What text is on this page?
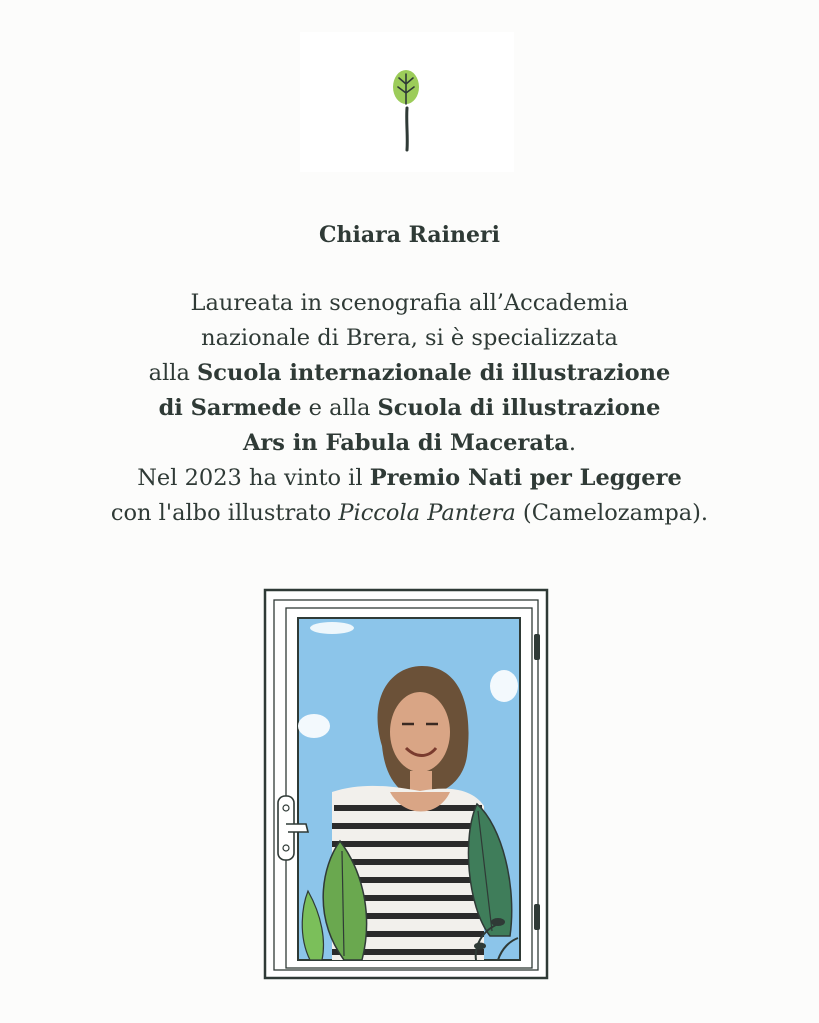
Chiara Raineri
Laureata in scenografia all’Accademia
nazionale di Brera, si è specializzata
alla Scuola internazionale di illustrazione
di Sarmede e alla Scuola di illustrazione
Ars in Fabula di Macerata.
Nel 2023 ha vinto il Premio Nati per Leggere
con l'albo illustrato Piccola Pantera (Camelozampa).
